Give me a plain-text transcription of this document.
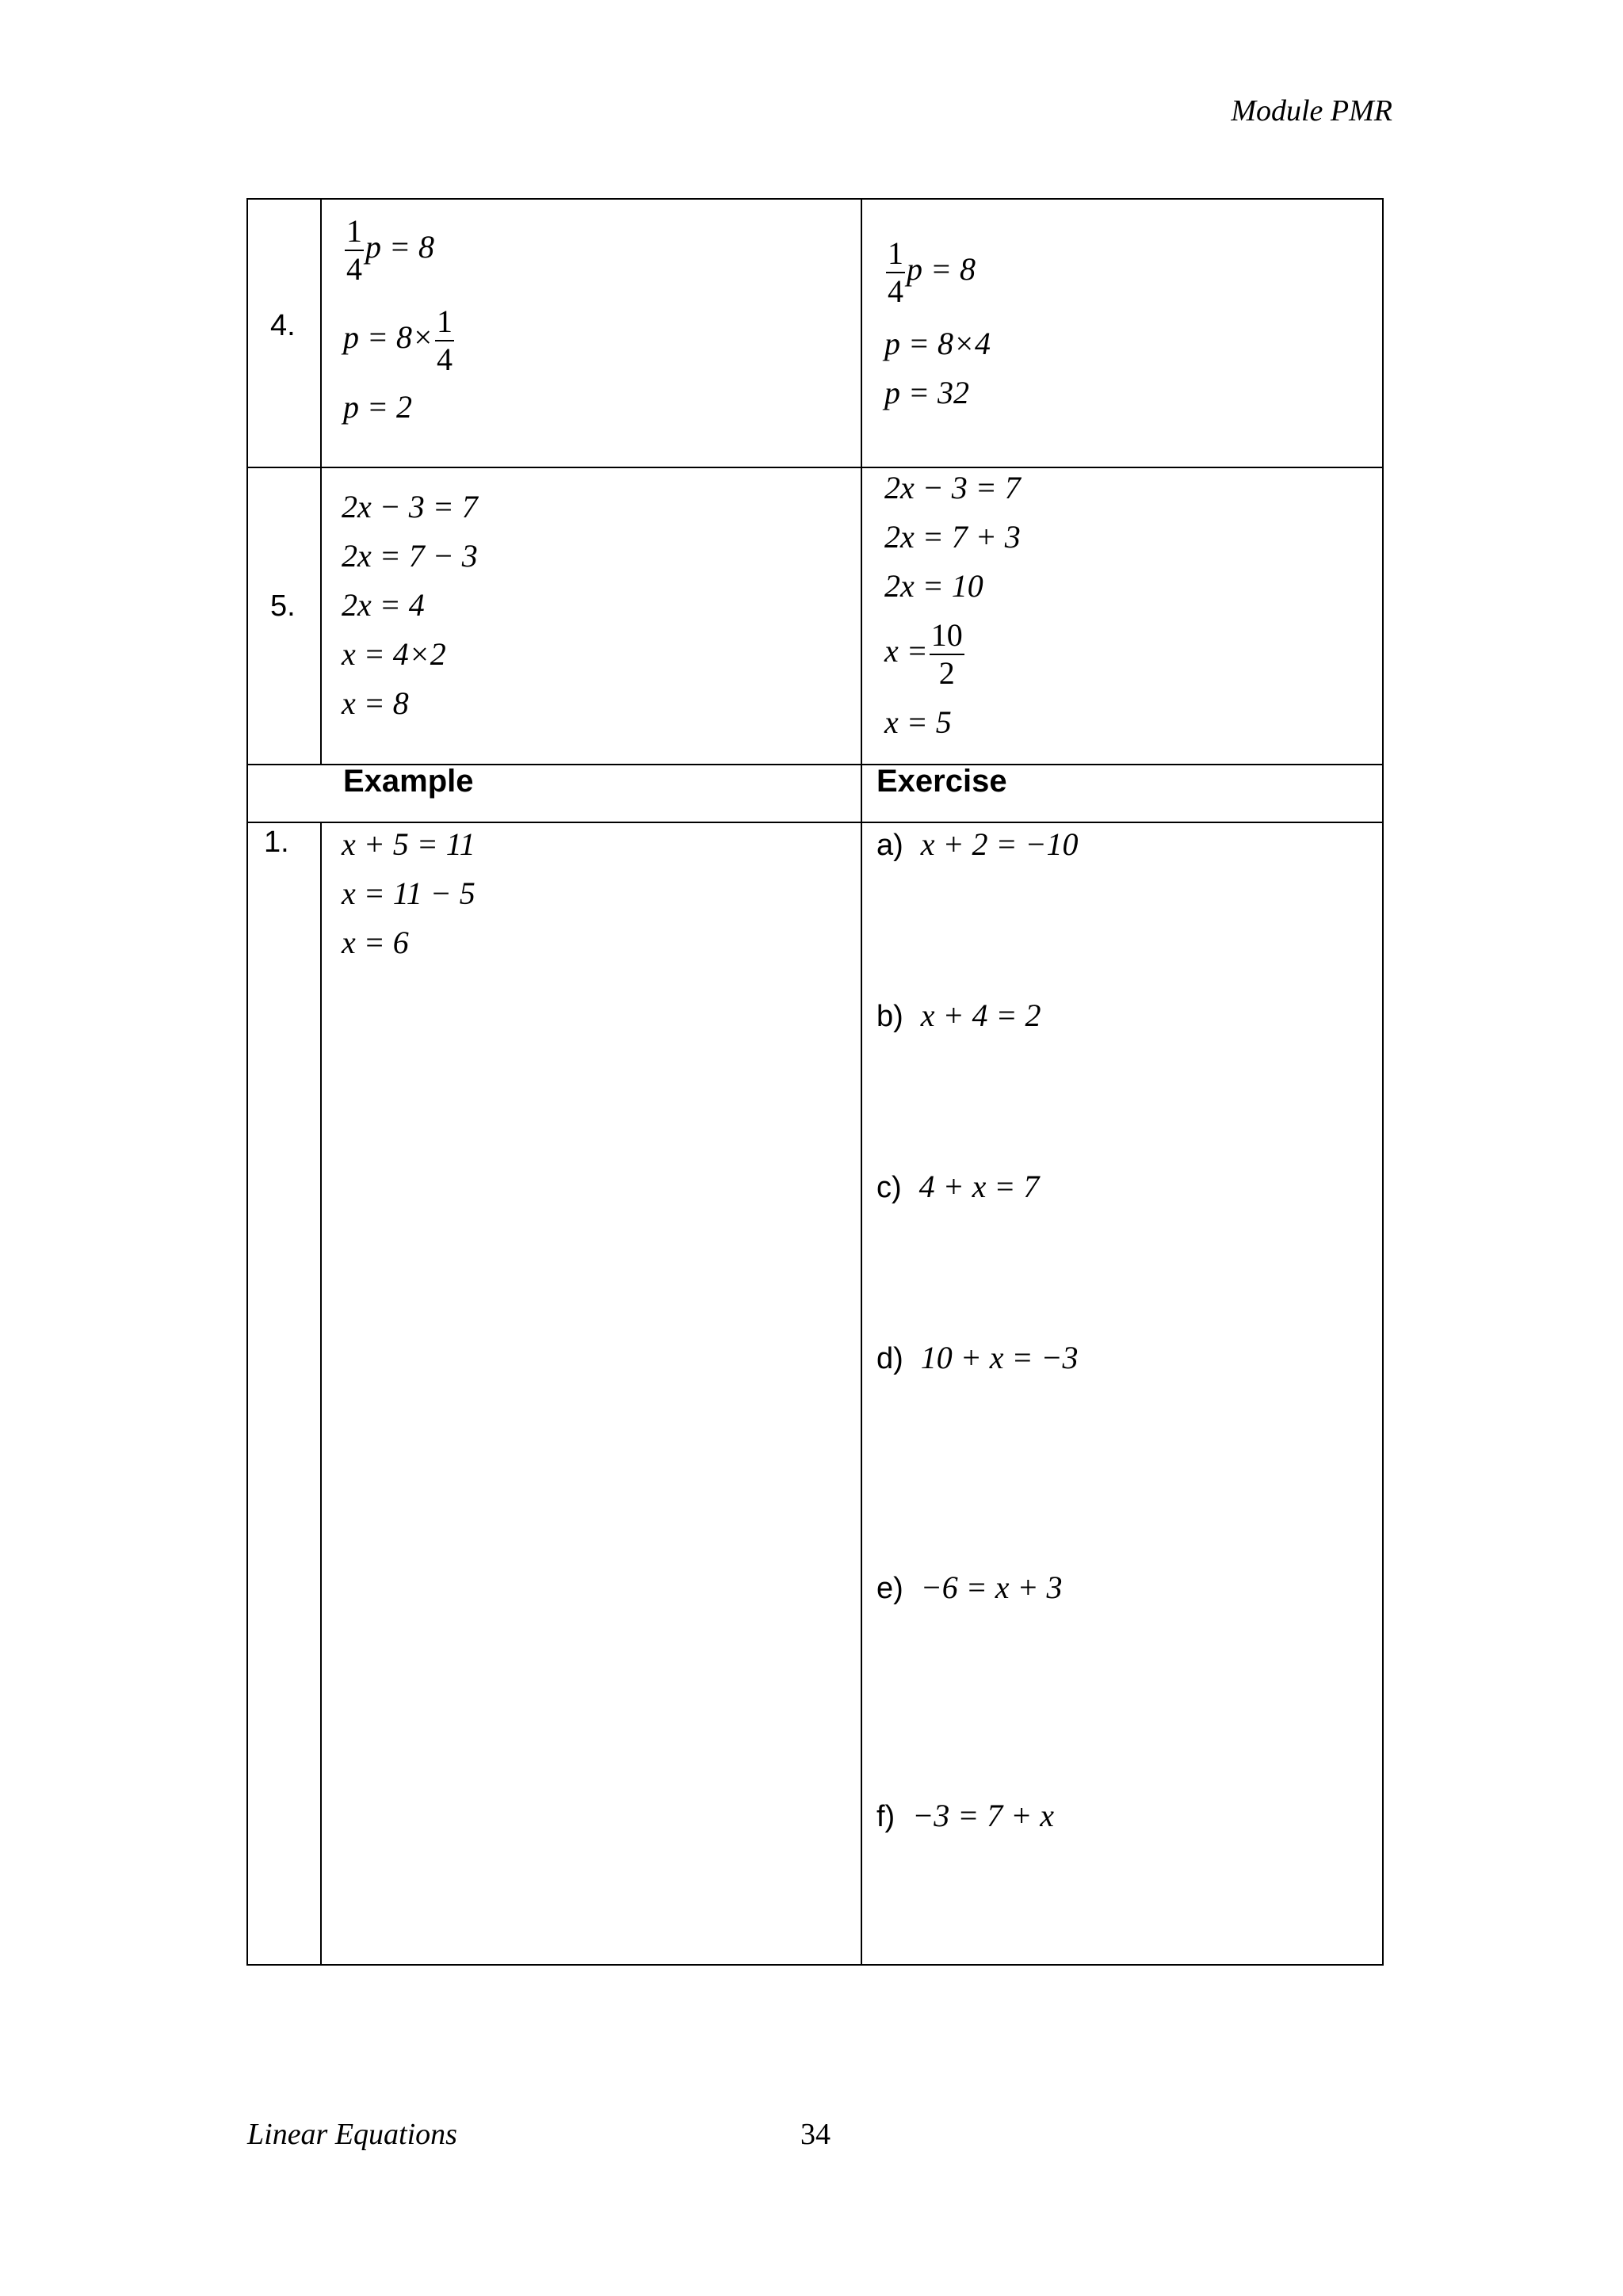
Module PMR
4.
$\frac{1}{4}$ p = 8
$p = 8\times \frac{1}{4}$
p = 2
$\frac{1}{4}$ p = 8
p = 8×4
p = 32
5.
2x − 3 = 7
2x = 7 − 3
2x = 4
x = 4×2
x = 8
2x − 3 = 7
2x = 7 + 3
2x = 10
$x = \frac{10}{2}$
x = 5
Example	Exercise
1. x + 5 = 11
x = 11 − 5
x = 6
a) x + 2 = −10
b) x + 4 = 2
c) 4 + x = 7
d) 10 + x = −3
e) −6 = x + 3
f) −3 = 7 + x
Linear Equations	34
